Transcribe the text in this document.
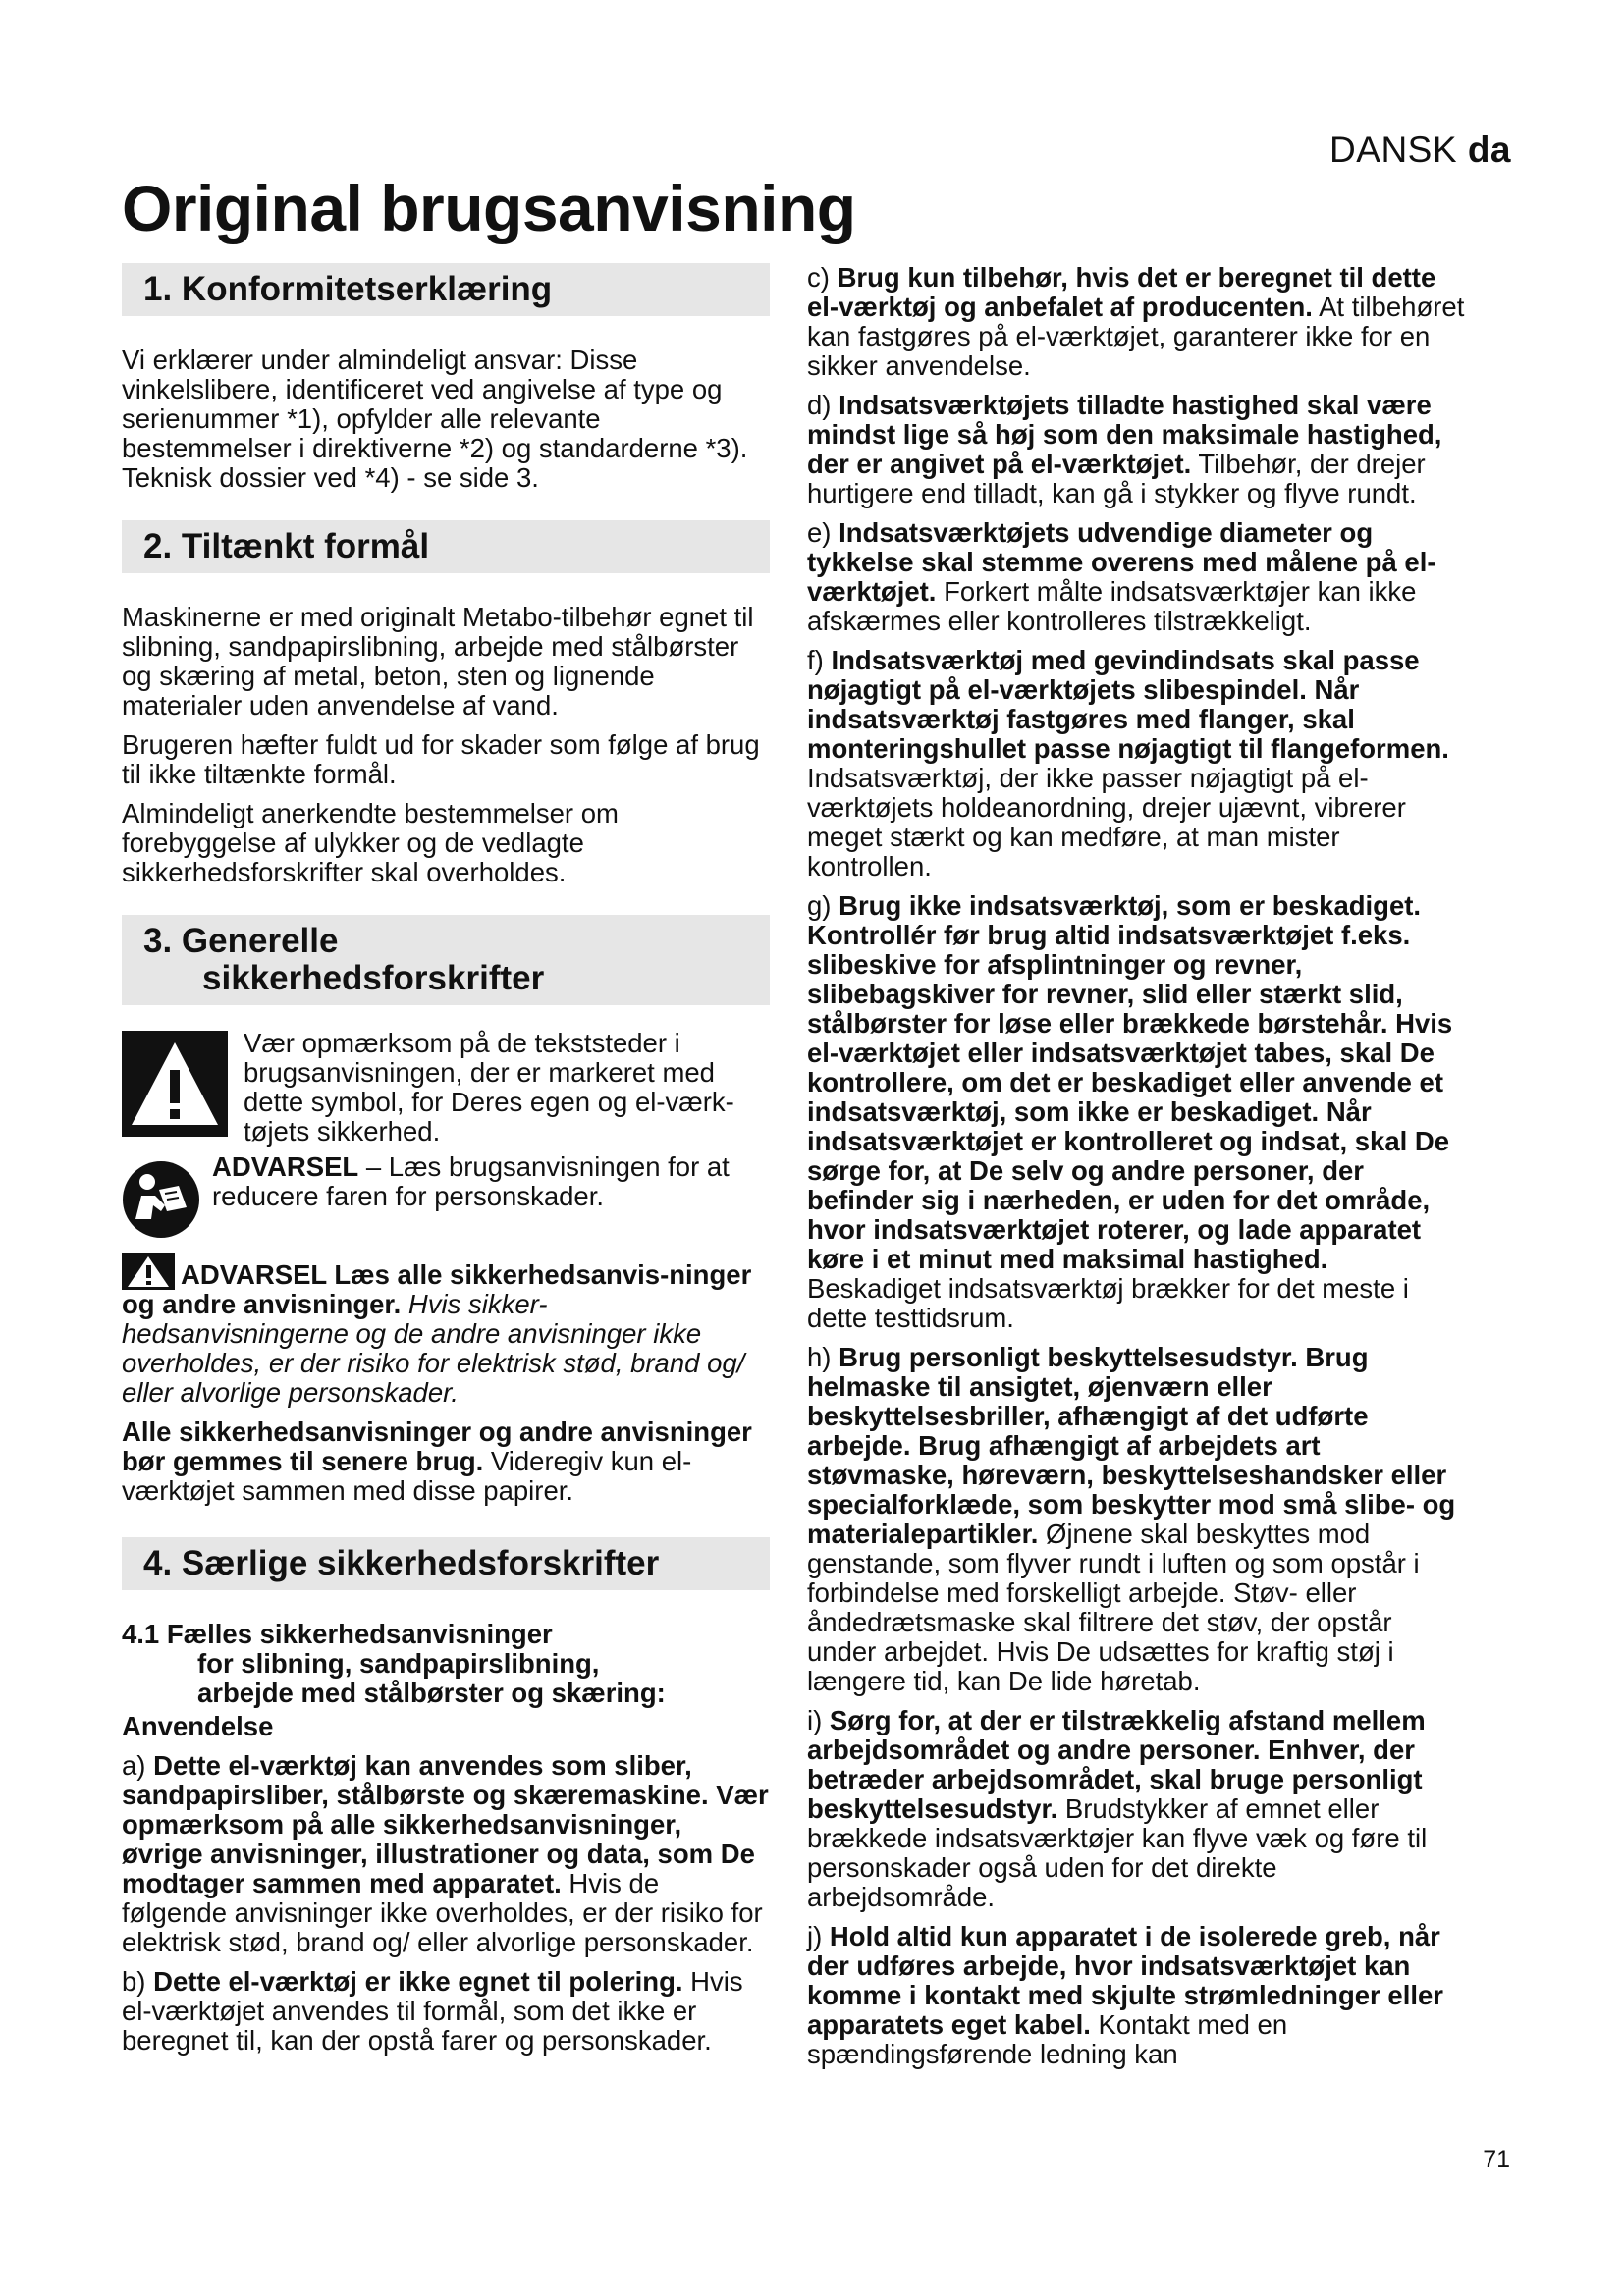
DANSK da
Original brugsanvisning
1. Konformitetserklæring

Vi erklærer under almindeligt ansvar: Disse vinkelslibere, identificeret ved angivelse af type og serienummer *1), opfylder alle relevante bestemmelser i direktiverne *2) og standarderne *3). Teknisk dossier ved *4) - se side 3.

2. Tiltænkt formål

Maskinerne er med originalt Metabo-tilbehør egnet til slibning, sandpapirslibning, arbejde med stålbørster og skæring af metal, beton, sten og lignende materialer uden anvendelse af vand.

Brugeren hæfter fuldt ud for skader som følge af brug til ikke tiltænkte formål.

Almindeligt anerkendte bestemmelser om forebyggelse af ulykker og de vedlagte sikkerhedsforskrifter skal overholdes.

3. Generelle
sikkerhedsforskrifter

Vær opmærksom på de tekststeder i brugsanvisningen, der er markeret med dette symbol, for Deres egen og el-værk-tøjets sikkerhed.

ADVARSEL – Læs brugsanvisningen for at reducere faren for personskader.

ADVARSEL Læs alle sikkerhedsanvis-ninger og andre anvisninger. Hvis sikker-hedsanvisningerne og de andre anvisninger ikke overholdes, er der risiko for elektrisk stød, brand og/ eller alvorlige personskader.

Alle sikkerhedsanvisninger og andre anvisninger bør gemmes til senere brug. Videregiv kun el-værktøjet sammen med disse papirer.

4. Særlige sikkerhedsforskrifter

4.1 Fælles sikkerhedsanvisninger
for slibning, sandpapirslibning,
arbejde med stålbørster og skæring:

Anvendelse

a) Dette el-værktøj kan anvendes som sliber, sandpapirsliber, stålbørste og skæremaskine. Vær opmærksom på alle sikkerhedsanvisninger, øvrige anvisninger, illustrationer og data, som De modtager sammen med apparatet. Hvis de følgende anvisninger ikke overholdes, er der risiko for elektrisk stød, brand og/ eller alvorlige personskader.

b) Dette el-værktøj er ikke egnet til polering. Hvis el-værktøjet anvendes til formål, som det ikke er beregnet til, kan der opstå farer og personskader.

c) Brug kun tilbehør, hvis det er beregnet til dette el-værktøj og anbefalet af producenten. At tilbehøret kan fastgøres på el-værktøjet, garanterer ikke for en sikker anvendelse.

d) Indsatsværktøjets tilladte hastighed skal være mindst lige så høj som den maksimale hastighed, der er angivet på el-værktøjet. Tilbehør, der drejer hurtigere end tilladt, kan gå i stykker og flyve rundt.

e) Indsatsværktøjets udvendige diameter og tykkelse skal stemme overens med målene på el-værktøjet. Forkert målte indsatsværktøjer kan ikke afskærmes eller kontrolleres tilstrækkeligt.

f) Indsatsværktøj med gevindindsats skal passe nøjagtigt på el-værktøjets slibespindel. Når indsatsværktøj fastgøres med flanger, skal monteringshullet passe nøjagtigt til flangeformen. Indsatsværktøj, der ikke passer nøjagtigt på el-værktøjets holdeanordning, drejer ujævnt, vibrerer meget stærkt og kan medføre, at man mister kontrollen.

g) Brug ikke indsatsværktøj, som er beskadiget. Kontrollér før brug altid indsatsværktøjet f.eks. slibeskive for afsplintninger og revner, slibebagskiver for revner, slid eller stærkt slid, stålbørster for løse eller brækkede børstehår. Hvis el-værktøjet eller indsatsværktøjet tabes, skal De kontrollere, om det er beskadiget eller anvende et indsatsværktøj, som ikke er beskadiget. Når indsatsværktøjet er kontrolleret og indsat, skal De sørge for, at De selv og andre personer, der befinder sig i nærheden, er uden for det område, hvor indsatsværktøjet roterer, og lade apparatet køre i et minut med maksimal hastighed. Beskadiget indsatsværktøj brækker for det meste i dette testtidsrum.

h) Brug personligt beskyttelsesudstyr. Brug helmaske til ansigtet, øjenværn eller beskyttelsesbriller, afhængigt af det udførte arbejde. Brug afhængigt af arbejdets art støvmaske, høreværn, beskyttelseshandsker eller specialforklæde, som beskytter mod små slibe- og materialepartikler. Øjnene skal beskyttes mod genstande, som flyver rundt i luften og som opstår i forbindelse med forskelligt arbejde. Støv- eller åndedrætsmaske skal filtrere det støv, der opstår under arbejdet. Hvis De udsættes for kraftig støj i længere tid, kan De lide høretab.

i) Sørg for, at der er tilstrækkelig afstand mellem arbejdsområdet og andre personer. Enhver, der betræder arbejdsområdet, skal bruge personligt beskyttelsesudstyr. Brudstykker af emnet eller brækkede indsatsværktøjer kan flyve væk og føre til personskader også uden for det direkte arbejdsområde.

j) Hold altid kun apparatet i de isolerede greb, når der udføres arbejde, hvor indsatsværktøjet kan komme i kontakt med skjulte strømledninger eller apparatets eget kabel. Kontakt med en spændingsførende ledning kan

71
